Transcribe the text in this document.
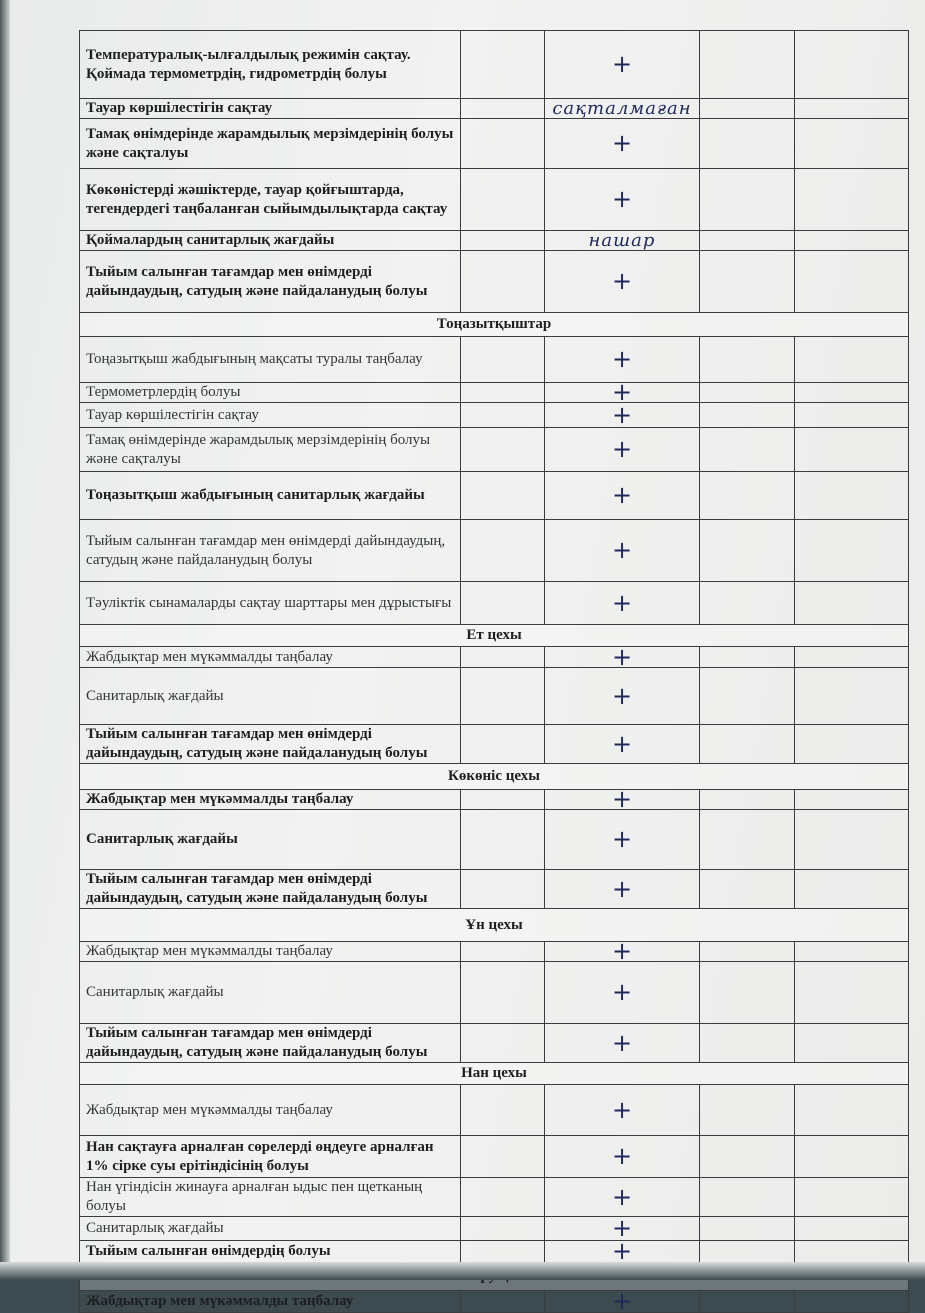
Температуралық-ылғалдылық режимін сақтау. Қоймада термометрдің, гидрометрдің болуы		+		
Тауар көршілестігін сақтау		сақталмаған		
Тамақ өнімдерінде жарамдылық мерзімдерінің болуы және сақталуы		+		
Көкөністерді жәшіктерде, тауар қойғыштарда, тегендердегі таңбаланған сыйымдылықтарда сақтау		+		
Қоймалардың санитарлық жағдайы		нашар		
Тыйым салынған тағамдар мен өнімдерді дайындаудың, сатудың және пайдаланудың болуы		+		
Тоңазытқыштар				
Тоңазытқыш жабдығының мақсаты туралы таңбалау		+		
Термометрлердің болуы		+		
Тауар көршілестігін сақтау		+		
Тамақ өнімдерінде жарамдылық мерзімдерінің болуы және сақталуы		+		
Тоңазытқыш жабдығының санитарлық жағдайы		+		
Тыйым салынған тағамдар мен өнімдерді дайындаудың, сатудың және пайдаланудың болуы		+		
Тәуліктік сынамаларды сақтау шарттары мен дұрыстығы		+		
Ет цехы				
Жабдықтар мен мүкәммалды таңбалау		+		
Санитарлық жағдайы		+		
Тыйым салынған тағамдар мен өнімдерді дайындаудың, сатудың және пайдаланудың болуы		+		
Көкөніс цехы				
Жабдықтар мен мүкәммалды таңбалау		+		
Санитарлық жағдайы		+		
Тыйым салынған тағамдар мен өнімдерді дайындаудың, сатудың және пайдаланудың болуы		+		
Ұн цехы				
Жабдықтар мен мүкәммалды таңбалау		+		
Санитарлық жағдайы		+		
Тыйым салынған тағамдар мен өнімдерді дайындаудың, сатудың және пайдаланудың болуы		+		
Нан цехы				
Жабдықтар мен мүкәммалды таңбалау		+		
Нан сақтауға арналған сөрелерді өңдеуге арналған 1% сірке суы ерітіндісінің болуы		+		
Нан үгіндісін жинауға арналған ыдыс пен щетканың болуы		+		
Санитарлық жағдайы		+		
Тыйым салынған өнімдердің болуы		+		

Жабдықтар мен мүкәммалды таңбалау		+		
